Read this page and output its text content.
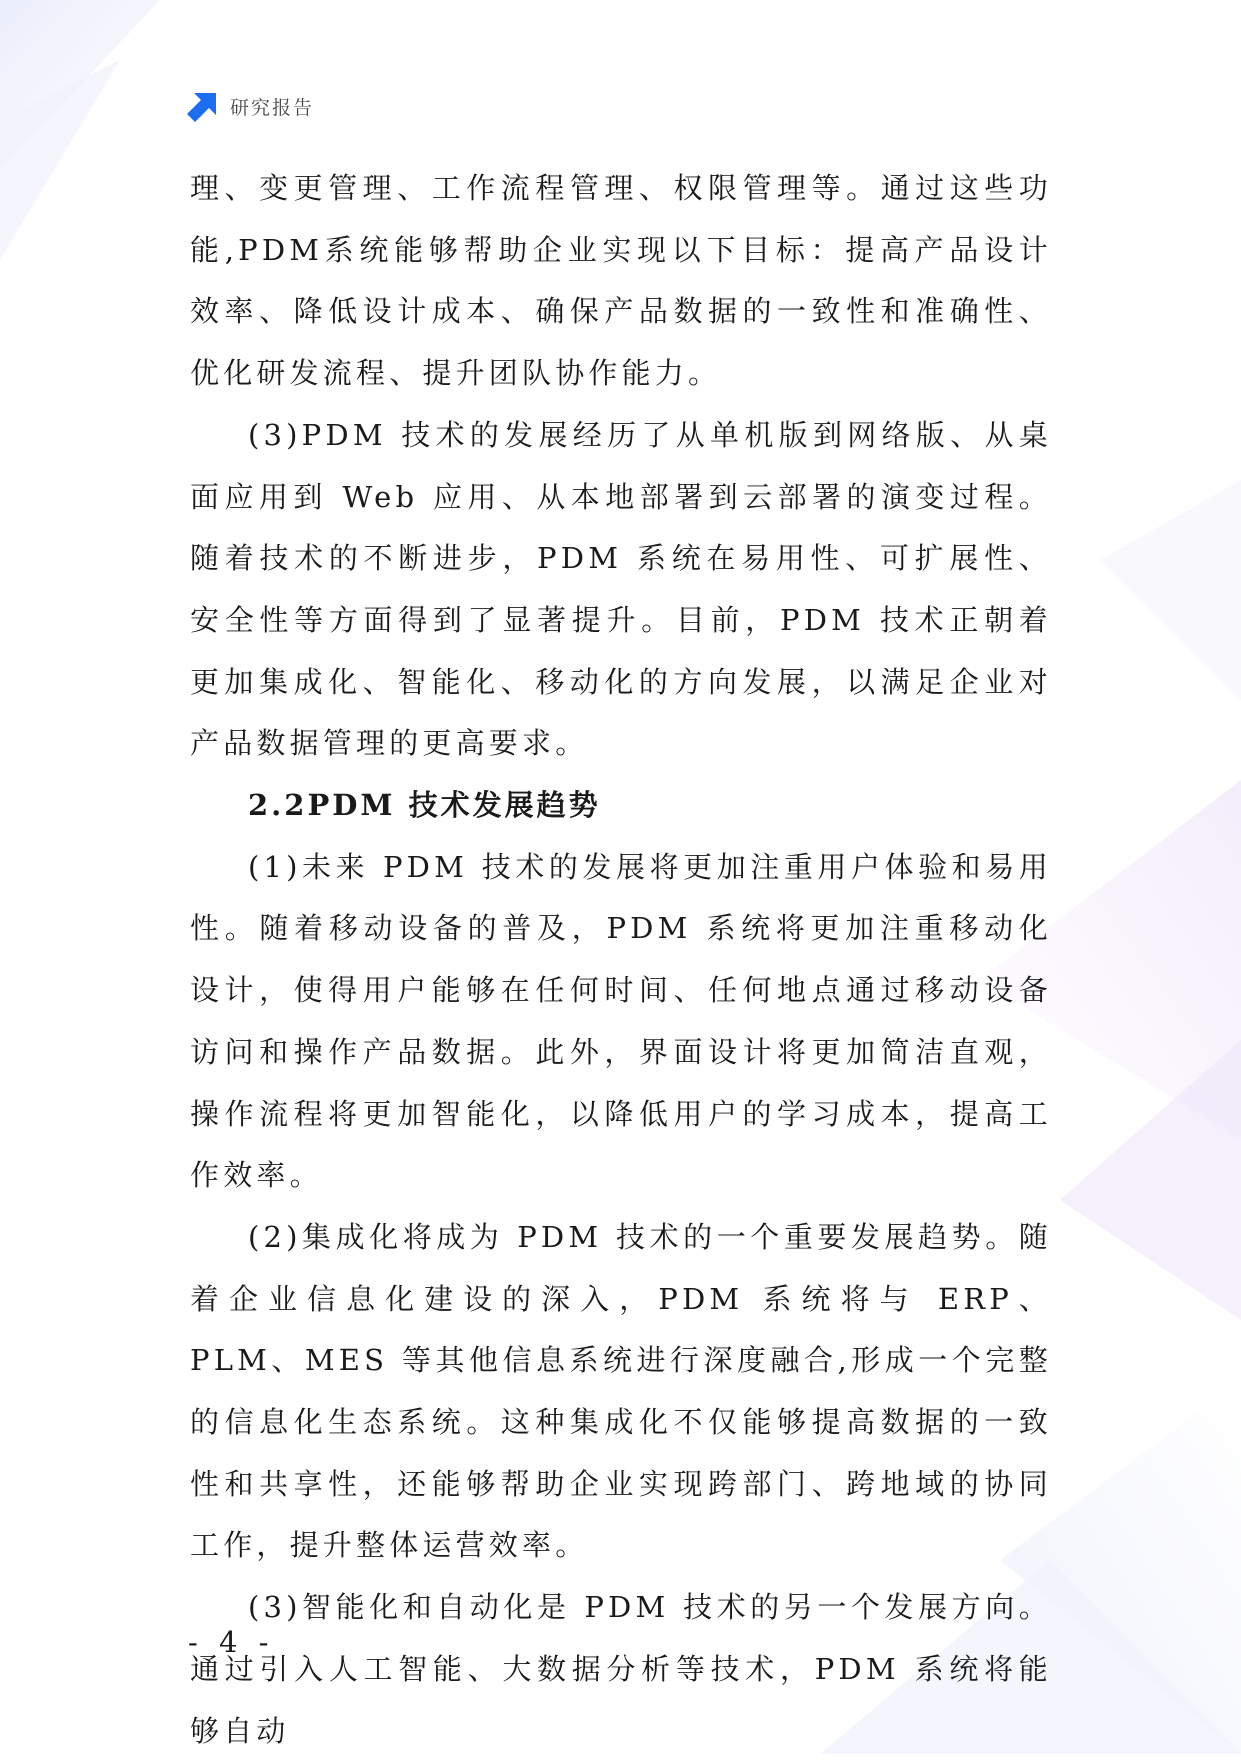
研究报告

理、变更管理、工作流程管理、权限管理等。通过这些功能,PDM系统能够帮助企业实现以下目标：提高产品设计效率、降低设计成本、确保产品数据的一致性和准确性、优化研发流程、提升团队协作能力。

(3)PDM 技术的发展经历了从单机版到网络版、从桌面应用到 Web 应用、从本地部署到云部署的演变过程。随着技术的不断进步，PDM 系统在易用性、可扩展性、安全性等方面得到了显著提升。目前，PDM 技术正朝着更加集成化、智能化、移动化的方向发展，以满足企业对产品数据管理的更高要求。

2.2PDM 技术发展趋势

(1)未来 PDM 技术的发展将更加注重用户体验和易用性。随着移动设备的普及，PDM 系统将更加注重移动化设计，使得用户能够在任何时间、任何地点通过移动设备访问和操作产品数据。此外，界面设计将更加简洁直观，操作流程将更加智能化，以降低用户的学习成本，提高工作效率。

(2)集成化将成为 PDM 技术的一个重要发展趋势。随着企业信息化建设的深入，PDM 系统将与 ERP、PLM、MES 等其他信息系统进行深度融合,形成一个完整的信息化生态系统。这种集成化不仅能够提高数据的一致性和共享性，还能够帮助企业实现跨部门、跨地域的协同工作，提升整体运营效率。

(3)智能化和自动化是 PDM 技术的另一个发展方向。通过引入人工智能、大数据分析等技术，PDM 系统将能够自动

- 4 -
